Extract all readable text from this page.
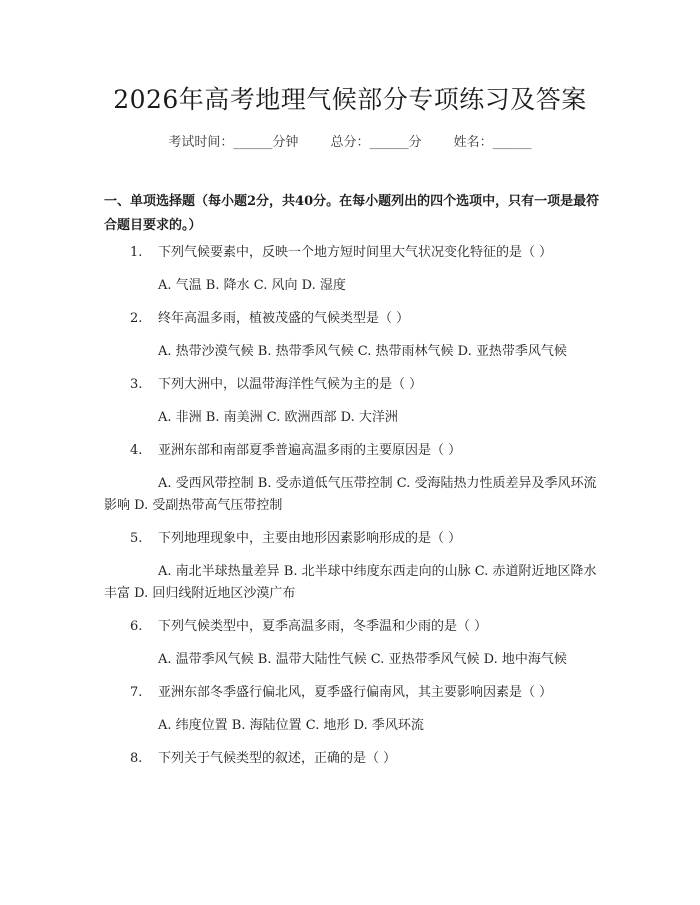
2026年高考地理气候部分专项练习及答案
考试时间：______分钟 总分：______分 姓名：______
一、单项选择题（每小题2分，共40分。在每小题列出的四个选项中，只有一项是最符合题目要求的。）
1.	下列气候要素中，反映一个地方短时间里大气状况变化特征的是（ ）
A. 气温 B. 降水 C. 风向 D. 湿度
2.	终年高温多雨，植被茂盛的气候类型是（ ）
A. 热带沙漠气候 B. 热带季风气候 C. 热带雨林气候 D. 亚热带季风气候
3.	下列大洲中，以温带海洋性气候为主的是（ ）
A. 非洲 B. 南美洲 C. 欧洲西部 D. 大洋洲
4.	亚洲东部和南部夏季普遍高温多雨的主要原因是（ ）
A. 受西风带控制 B. 受赤道低气压带控制 C. 受海陆热力性质差异及季风环流影响 D. 受副热带高气压带控制
5.	下列地理现象中，主要由地形因素影响形成的是（ ）
A. 南北半球热量差异 B. 北半球中纬度东西走向的山脉 C. 赤道附近地区降水丰富 D. 回归线附近地区沙漠广布
6.	下列气候类型中，夏季高温多雨，冬季温和少雨的是（ ）
A. 温带季风气候 B. 温带大陆性气候 C. 亚热带季风气候 D. 地中海气候
7.	亚洲东部冬季盛行偏北风，夏季盛行偏南风，其主要影响因素是（ ）
A. 纬度位置 B. 海陆位置 C. 地形 D. 季风环流
8.	下列关于气候类型的叙述，正确的是（ ）
